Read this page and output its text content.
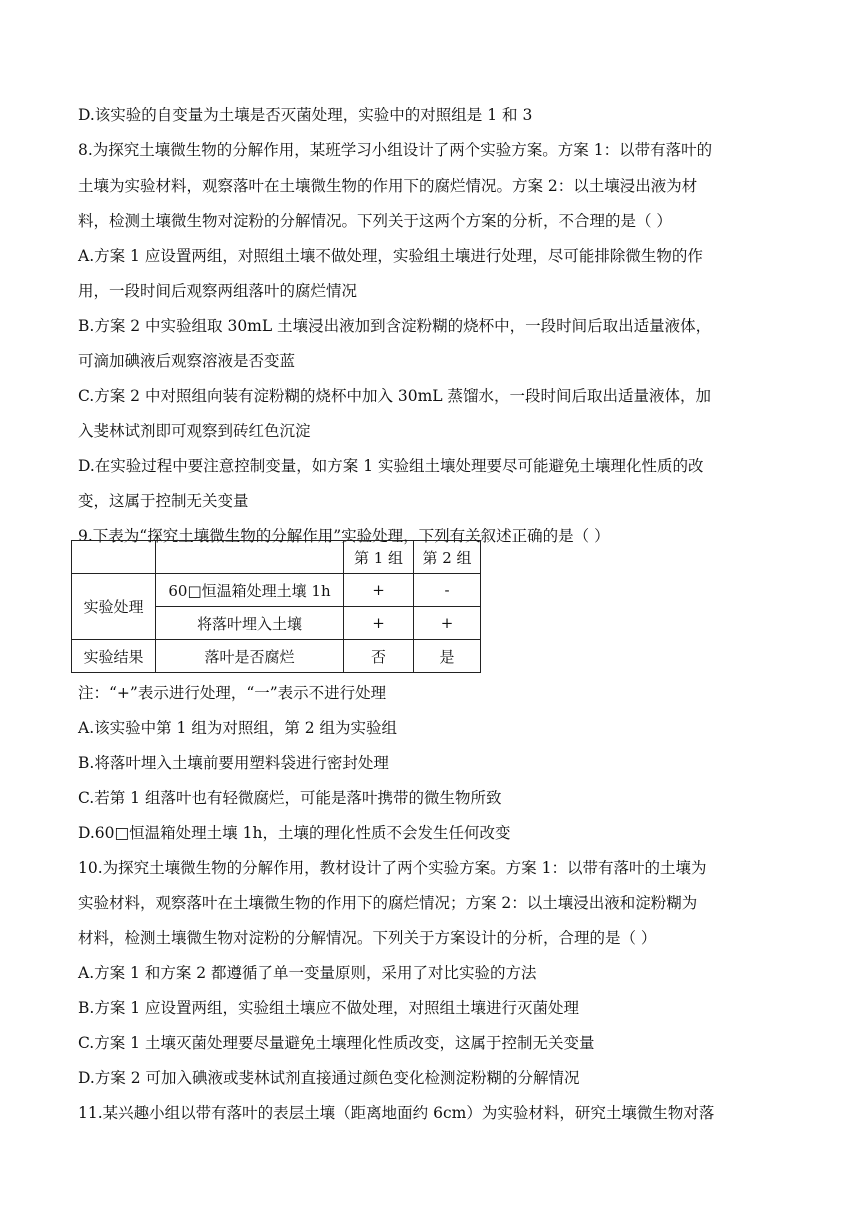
D.该实验的自变量为土壤是否灭菌处理，实验中的对照组是 1 和 3
8.为探究土壤微生物的分解作用，某班学习小组设计了两个实验方案。方案 1：以带有落叶的
土壤为实验材料，观察落叶在土壤微生物的作用下的腐烂情况。方案 2：以土壤浸出液为材
料，检测土壤微生物对淀粉的分解情况。下列关于这两个方案的分析，不合理的是（ ）
A.方案 1 应设置两组，对照组土壤不做处理，实验组土壤进行处理，尽可能排除微生物的作
用，一段时间后观察两组落叶的腐烂情况
B.方案 2 中实验组取 30mL 土壤浸出液加到含淀粉糊的烧杯中，一段时间后取出适量液体，
可滴加碘液后观察溶液是否变蓝
C.方案 2 中对照组向装有淀粉糊的烧杯中加入 30mL 蒸馏水，一段时间后取出适量液体，加
入斐林试剂即可观察到砖红色沉淀
D.在实验过程中要注意控制变量，如方案 1 实验组土壤处理要尽可能避免土壤理化性质的改
变，这属于控制无关变量
9.下表为“探究土壤微生物的分解作用”实验处理，下列有关叙述正确的是（ ）
		第 1 组	第 2 组
实验处理	60□恒温箱处理土壤 1h	+	-
	将落叶埋入土壤	+	+
实验结果	落叶是否腐烂	否	是
注：“+”表示进行处理，“一”表示不进行处理
A.该实验中第 1 组为对照组，第 2 组为实验组
B.将落叶埋入土壤前要用塑料袋进行密封处理
C.若第 1 组落叶也有轻微腐烂，可能是落叶携带的微生物所致
D.60□恒温箱处理土壤 1h，土壤的理化性质不会发生任何改变
10.为探究土壤微生物的分解作用，教材设计了两个实验方案。方案 1：以带有落叶的土壤为
实验材料，观察落叶在土壤微生物的作用下的腐烂情况；方案 2：以土壤浸出液和淀粉糊为
材料，检测土壤微生物对淀粉的分解情况。下列关于方案设计的分析，合理的是（ ）
A.方案 1 和方案 2 都遵循了单一变量原则，采用了对比实验的方法
B.方案 1 应设置两组，实验组土壤应不做处理，对照组土壤进行灭菌处理
C.方案 1 土壤灭菌处理要尽量避免土壤理化性质改变，这属于控制无关变量
D.方案 2 可加入碘液或斐林试剂直接通过颜色变化检测淀粉糊的分解情况
11.某兴趣小组以带有落叶的表层土壤（距离地面约 6cm）为实验材料，研究土壤微生物对落
